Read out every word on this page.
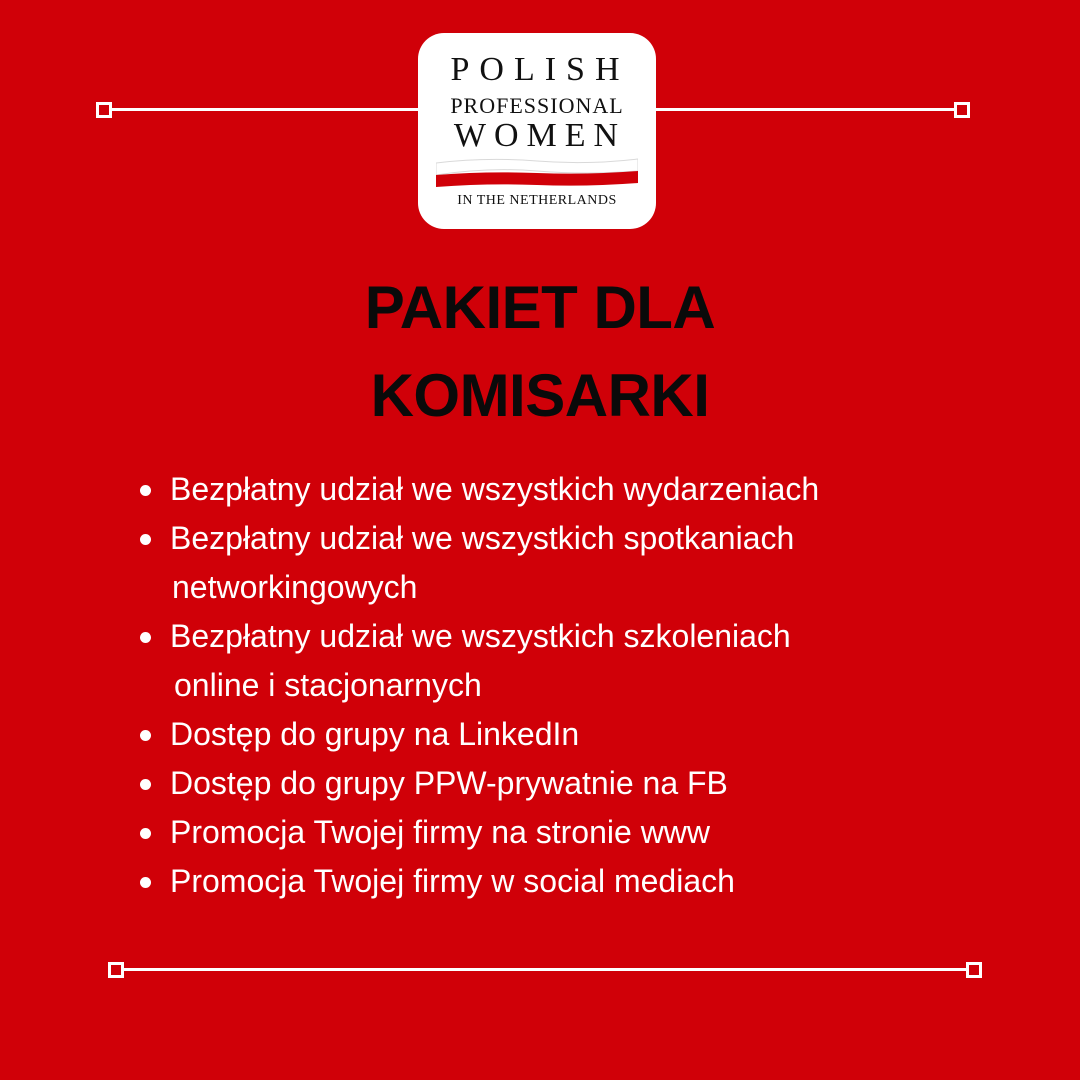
POLISH
PROFESSIONAL
WOMEN
IN THE NETHERLANDS
PAKIET DLA
KOMISARKI
Bezpłatny udział we wszystkich wydarzeniach
Bezpłatny udział we wszystkich spotkaniach
networkingowych
Bezpłatny udział we wszystkich szkoleniach
online i stacjonarnych
Dostęp do grupy na LinkedIn
Dostęp do grupy PPW-prywatnie na FB
Promocja Twojej firmy na stronie www
Promocja Twojej firmy w social mediach
